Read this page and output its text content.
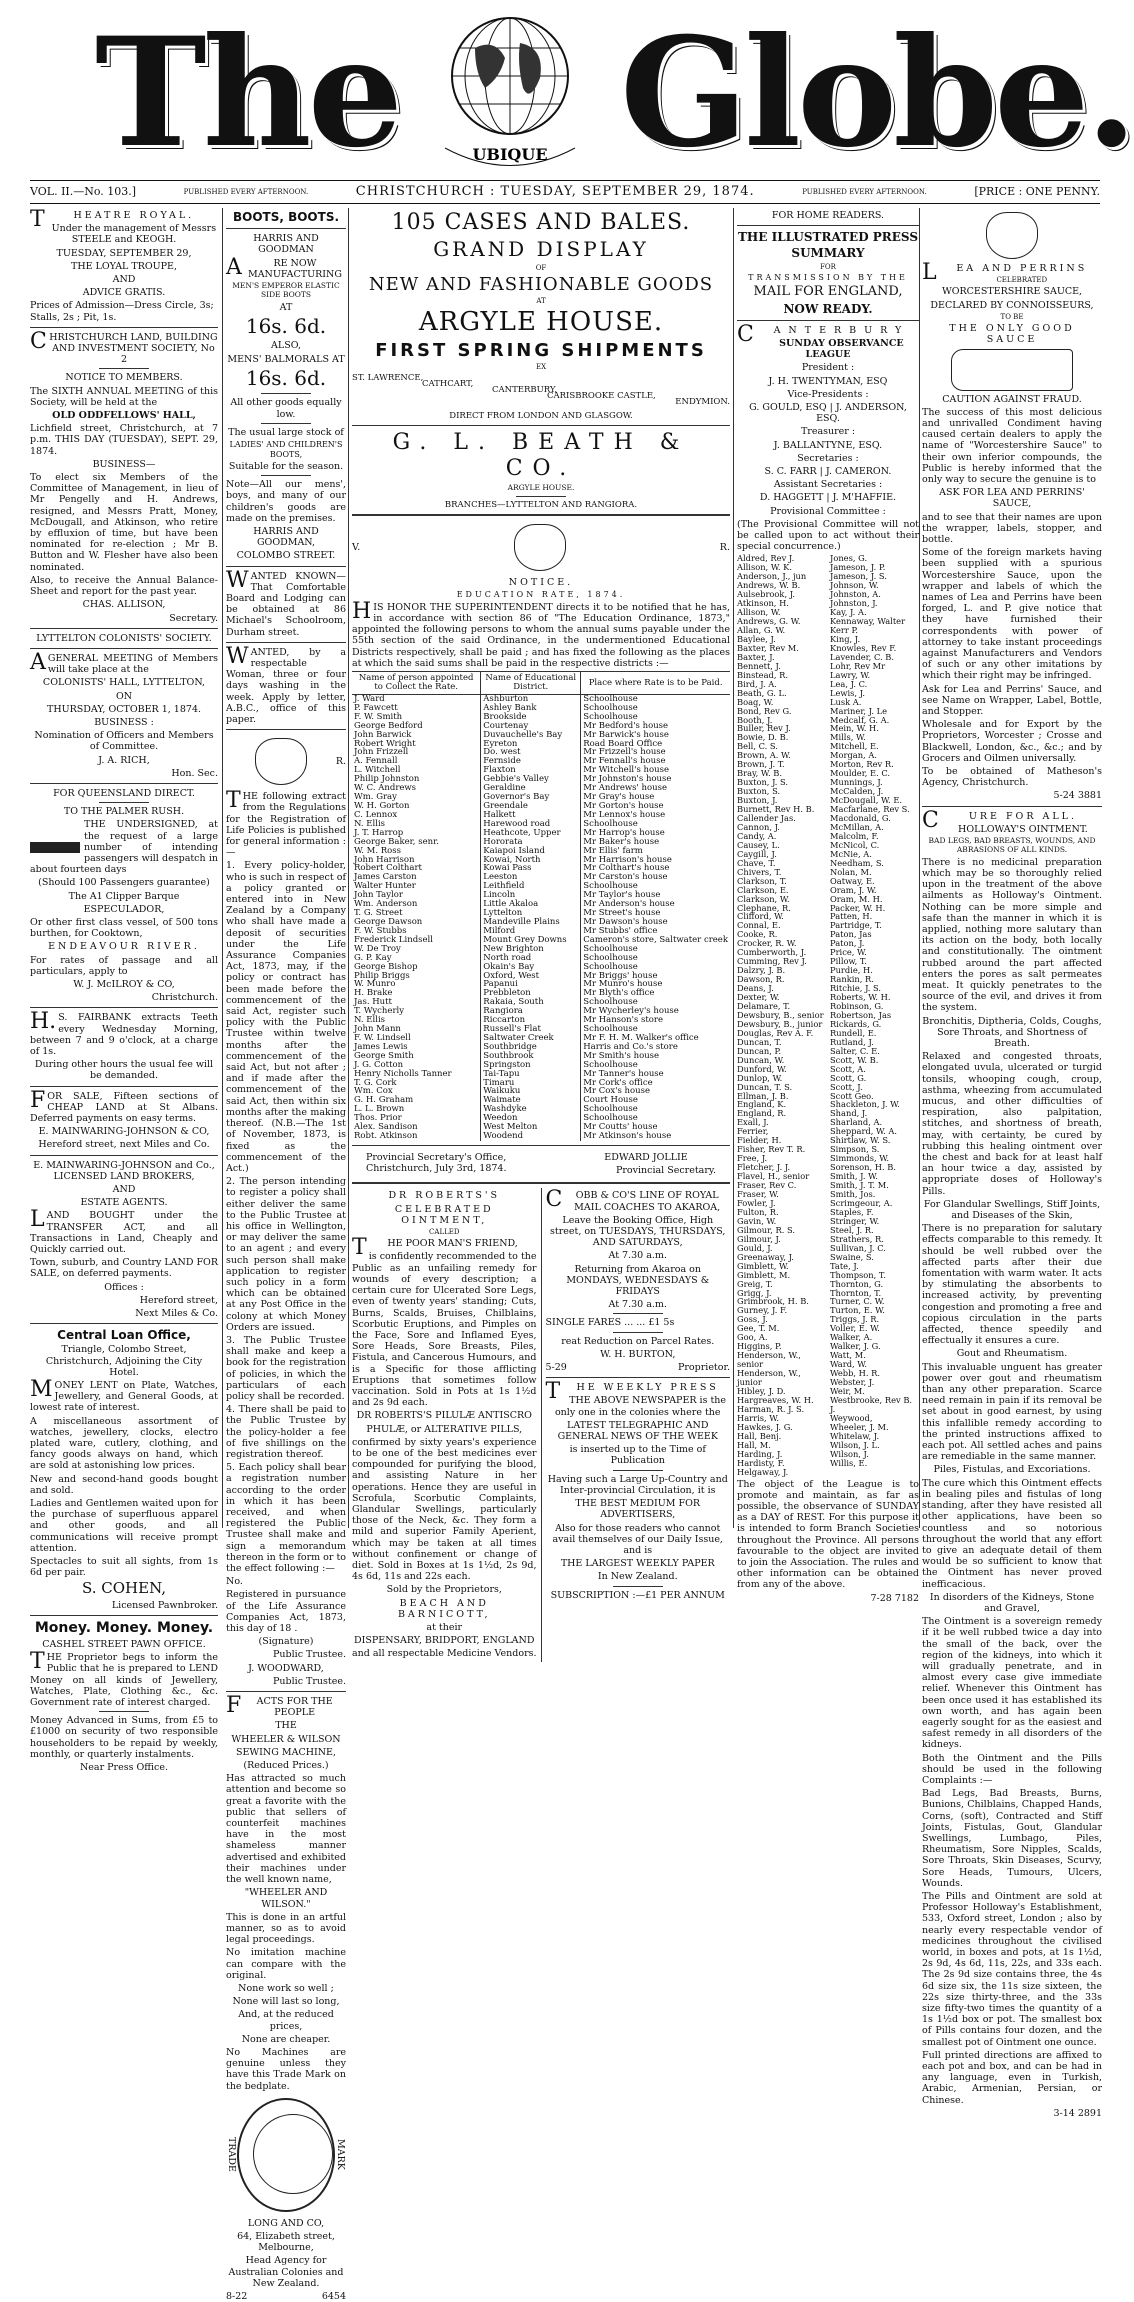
The	UBIQUE Globe.
VOL. II.—No. 103.]	PUBLISHED EVERY AFTERNOON.	CHRISTCHURCH : TUESDAY, SEPTEMBER 29, 1874.	PUBLISHED EVERY AFTERNOON.	[PRICE : ONE PENNY.

THEATRE ROYAL.

Under the management of Messrs STEELE and KEOGH.

TUESDAY, SEPTEMBER 29,

THE LOYAL TROUPE,

AND

ADVICE GRATIS.

Prices of Admission—Dress Circle, 3s; Stalls, 2s ; Pit, 1s.

CHRISTCHURCH LAND, BUILDING AND INVESTMENT SOCIETY, No 2

NOTICE TO MEMBERS.

The SIXTH ANNUAL MEETING of this Society, will be held at the

OLD ODDFELLOWS' HALL,

Lichfield street, Christchurch, at 7 p.m. THIS DAY (TUESDAY), SEPT. 29, 1874.

BUSINESS—

To elect six Members of the Committee of Management, in lieu of Mr Pengelly and H. Andrews, resigned, and Messrs Pratt, Money, McDougall, and Atkinson, who retire by effluxion of time, but have been nominated for re-election ; Mr B. Button and W. Flesher have also been nominated.

Also, to receive the Annual Balance-Sheet and report for the past year.

CHAS. ALLISON,

Secretary.

LYTTELTON COLONISTS' SOCIETY.

AGENERAL MEETING of Members will take place at the

COLONISTS' HALL, LYTTELTON,

ON

THURSDAY, OCTOBER 1, 1874.

BUSINESS :

Nomination of Officers and Members of Committee.

J. A. RICH,

Hon. Sec.

FOR QUEENSLAND DIRECT.

TO THE PALMER RUSH.

THE UNDERSIGNED, at the request of a large number of intending passengers will despatch in about fourteen days

(Should 100 Passengers guarantee)

The A1 Clipper Barque

ESPECULADOR,

Or other first class vessel, of 500 tons burthen, for Cooktown,

ENDEAVOUR RIVER.

For rates of passage and all particulars, apply to

W. J. McILROY & CO,

Christchurch.

H.S. FAIRBANK extracts Teeth every Wednesday Morning, between 7 and 9 o'clock, at a charge of 1s.

During other hours the usual fee will be demanded.

FOR SALE, Fifteen sections of CHEAP LAND at St Albans. Deferred payments on easy terms.

E. MAINWARING-JOHNSON & CO,

Hereford street, next Miles and Co.

E. MAINWARING-JOHNSON and Co., LICENSED LAND BROKERS,

AND

ESTATE AGENTS.

LAND BOUGHT under the TRANSFER ACT, and all Transactions in Land, Cheaply and Quickly carried out.

Town, suburb, and Country LAND FOR SALE, on deferred payments.

Offices :

Hereford street,

Next Miles & Co.

Central Loan Office,

Triangle, Colombo Street, Christchurch, Adjoining the City Hotel.

MONEY LENT on Plate, Watches, Jewellery, and General Goods, at lowest rate of interest.

A miscellaneous assortment of watches, jewellery, clocks, electro plated ware, cutlery, clothing, and fancy goods always on hand, which are sold at astonishing low prices.

New and second-hand goods bought and sold.

Ladies and Gentlemen waited upon for the purchase of superfluous apparel and other goods, and all communications will receive prompt attention.

Spectacles to suit all sights, from 1s 6d per pair.

S. COHEN,

Licensed Pawnbroker.

Money. Money. Money.

CASHEL STREET PAWN OFFICE.

THE Proprietor begs to inform the Public that he is prepared to LEND Money on all kinds of Jewellery, Watches, Plate, Clothing &c., &c. Government rate of interest charged.

Money Advanced in Sums, from £5 to £1000 on security of two responsible householders to be repaid by weekly, monthly, or quarterly instalments.

Near Press Office.

BOOTS, BOOTS.

HARRIS AND GOODMAN

ARE NOW MANUFACTURING

MEN'S EMPEROR ELASTIC SIDE BOOTS

AT

16s. 6d.

ALSO,

MENS' BALMORALS AT

16s. 6d.

All other goods equally low.

The usual large stock of

LADIES' AND CHILDREN'S BOOTS,

Suitable for the season.

Note—All our mens', boys, and many of our children's goods are made on the premises.

HARRIS AND GOODMAN,

COLOMBO STREET.

WANTED KNOWN—That Comfortable Board and Lodging can be obtained at 86 Michael's Schoolroom, Durham street.

WANTED, by a respectable Woman, three or four days washing in the week. Apply by letter, A.B.C., office of this paper.

R.

THE following extract from the Regulations for the Registration of Life Policies is published for general information :—

1. Every policy-holder, who is such in respect of a policy granted or entered into in New Zealand by a Company who shall have made a deposit of securities under the Life Assurance Companies Act, 1873, may, if the policy or contract has been made before the commencement of the said Act, register such policy with the Public Trustee within twelve months after the commencement of the said Act, but not after ; and if made after the commencement of the said Act, then within six months after the making thereof. (N.B.—The 1st of November, 1873, is fixed as the commencement of the Act.)

2. The person intending to register a policy shall either deliver the same to the Public Trustee at his office in Wellington, or may deliver the same to an agent ; and every such person shall make application to register such policy in a form which can be obtained at any Post Office in the colony at which Money Orders are issued.

3. The Public Trustee shall make and keep a book for the registration of policies, in which the particulars of each policy shall be recorded.

4. There shall be paid to the Public Trustee by the policy-holder a fee of five shillings on the registration thereof.

5. Each policy shall bear a registration number according to the order in which it has been received, and when registered the Public Trustee shall make and sign a memorandum thereon in the form or to the effect following :—

No.

Registered in pursuance of the Life Assurance Companies Act, 1873, this day of 18 .

(Signature)

Public Trustee.

J. WOODWARD,

Public Trustee.

FACTS FOR THE PEOPLE

THE

WHEELER & WILSON

SEWING MACHINE,

(Reduced Prices.)

Has attracted so much attention and become so great a favorite with the public that sellers of counterfeit machines have in the most shameless manner advertised and exhibited their machines under the well known name,

"WHEELER AND WILSON."

This is done in an artful manner, so as to avoid legal proceedings.

No imitation machine can compare with the original.

None work so well ;

None will last so long,

And, at the reduced prices,

None are cheaper.

No Machines are genuine unless they have this Trade Mark on the bedplate.

TRADE	MARK

LONG AND CO,

64, Elizabeth street, Melbourne,

Head Agency for Australian Colonies and New Zealand.

8-22	6454

105 CASES AND BALES.

GRAND DISPLAY

OF

NEW AND FASHIONABLE GOODS

AT

ARGYLE HOUSE.

FIRST SPRING SHIPMENTS

EX

ST. LAWRENCE,
CATHCART,
CANTERBURY,
CARISBROOKE CASTLE,
ENDYMION.

DIRECT FROM LONDON AND GLASGOW.

G. L. BEATH & CO.

ARGYLE HOUSE.

BRANCHES—LYTTELTON AND RANGIORA.

V.	R.

NOTICE.

EDUCATION RATE, 1874.

HIS HONOR THE SUPERINTENDENT directs it to be notified that he has, in accordance with section 86 of "The Education Ordinance, 1873," appointed the following persons to whom the annual sums payable under the 55th section of the said Ordinance, in the undermentioned Educational Districts respectively, shall be paid ; and has fixed the following as the places at which the said sums shall be paid in the respective districts :—

Name of person appointed to Collect the Rate.	Name of Educational District.	Place where Rate is to be Paid.
J. Ward	Ashburton	Schoolhouse
P. Fawcett	Ashley Bank	Schoolhouse
F. W. Smith	Brookside	Schoolhouse
George Bedford	Courtenay	Mr Bedford's house
John Barwick	Duvauchelle's Bay	Mr Barwick's house
Robert Wright	Eyreton	Road Board Office
John Frizzell	Do. west	Mr Frizzell's house
A. Fennall	Fernside	Mr Fennall's house
L. Witchell	Flaxton	Mr Witchell's house
Philip Johnston	Gebbie's Valley	Mr Johnston's house
W. C. Andrews	Geraldine	Mr Andrews' house
Wm. Gray	Governor's Bay	Mr Gray's house
W. H. Gorton	Greendale	Mr Gorton's house
C. Lennox	Halkett	Mr Lennox's house
N. Ellis	Harewood road	Schoolhouse
J. T. Harrop	Heathcote, Upper	Mr Harrop's house
George Baker, senr.	Hororata	Mr Baker's house
W. M. Ross	Kaiapoi Island	Mr Ellis' farm
John Harrison	Kowai, North	Mr Harrison's house
Robert Colthart	Kowai Pass	Mr Colthart's house
James Carston	Leeston	Mr Carston's house
Walter Hunter	Leithfield	Schoolhouse
John Taylor	Lincoln	Mr Taylor's house
Wm. Anderson	Little Akaloa	Mr Anderson's house
T. G. Street	Lyttelton	Mr Street's house
George Dawson	Mandeville Plains	Mr Dawson's house
F. W. Stubbs	Milford	Mr Stubbs' office
Frederick Lindsell	Mount Grey Downs	Cameron's store, Saltwater creek
W. De Troy	New Brighton	Schoolhouse
G. P. Kay	North road	Schoolhouse
George Bishop	Okain's Bay	Schoolhouse
Philip Briggs	Oxford, West	Mr Briggs' house
W. Munro	Papanui	Mr Munro's house
H. Brake	Prebbleton	Mr Blyth's office
Jas. Hutt	Rakaia, South	Schoolhouse
T. Wycherly	Rangiora	Mr Wycherley's house
N. Ellis	Riccarton	Mr Hanson's store
John Mann	Russell's Flat	Schoolhouse
F. W. Lindsell	Saltwater Creek	Mr F. H. M. Walker's office
James Lewis	Southbridge	Harris and Co.'s store
George Smith	Southbrook	Mr Smith's house
J. G. Cotton	Springston	Schoolhouse
Henry Nicholls Tanner	Tai-Tapu	Mr Tanner's house
T. G. Cork	Timaru	Mr Cork's office
Wm. Cox	Waikuku	Mr Cox's house
G. H. Graham	Waimate	Court House
L. L. Brown	Washdyke	Schoolhouse
Thos. Prior	Weedon	Schoolhouse
Alex. Sandison	West Melton	Mr Coutts' house
Robt. Atkinson	Woodend	Mr Atkinson's house

Provincial Secretary's Office, Christchurch, July 3rd, 1874.

EDWARD JOLLIE

Provincial Secretary.

DR ROBERTS'S

CELEBRATED OINTMENT,

CALLED

THE POOR MAN'S FRIEND,

is confidently recommended to the Public as an unfailing remedy for wounds of every description; a certain cure for Ulcerated Sore Legs, even of twenty years' standing; Cuts, Burns, Scalds, Bruises, Chilblains, Scorbutic Eruptions, and Pimples on the Face, Sore and Inflamed Eyes, Sore Heads, Sore Breasts, Piles, Fistula, and Cancerous Humours, and is a Specific for those afflicting Eruptions that sometimes follow vaccination. Sold in Pots at 1s 1½d and 2s 9d each.

DR ROBERTS'S PILULÆ ANTISCRO

PHULÆ, or ALTERATIVE PILLS,

confirmed by sixty years's experience to be one of the best medicines ever compounded for purifying the blood, and assisting Nature in her operations. Hence they are useful in Scrofula, Scorbutic Complaints, Glandular Swellings, particularly those of the Neck, &c. They form a mild and superior Family Aperient, which may be taken at all times without confinement or change of diet. Sold in Boxes at 1s 1½d, 2s 9d, 4s 6d, 11s and 22s each.

Sold by the Proprietors,

BEACH AND BARNICOTT,

at their

DISPENSARY, BRIDPORT, ENGLAND

and all respectable Medicine Vendors.

COBB & CO'S LINE OF ROYAL MAIL COACHES TO AKAROA,

Leave the Booking Office, High street, on TUESDAYS, THURSDAYS, AND SATURDAYS,

At 7.30 a.m.

Returning from Akaroa on MONDAYS, WEDNESDAYS & FRIDAYS

At 7.30 a.m.

SINGLE FARES ... ... £1 5s

reat Reduction on Parcel Rates.

W. H. BURTON,

5-29	Proprietor.

THE WEEKLY PRESS

THE ABOVE NEWSPAPER is the only one in the colonies where the

LATEST TELEGRAPHIC AND GENERAL NEWS OF THE WEEK

is inserted up to the Time of Publication

Having such a Large Up-Country and Inter-provincial Circulation, it is

THE BEST MEDIUM FOR ADVERTISERS,

Also for those readers who cannot avail themselves of our Daily Issue, and is

THE LARGEST WEEKLY PAPER

In New Zealand.

SUBSCRIPTION :—£1 PER ANNUM

FOR HOME READERS.

THE ILLUSTRATED PRESS

SUMMARY

FOR

TRANSMISSION BY THE

MAIL FOR ENGLAND,

NOW READY.

CANTERBURY

SUNDAY OBSERVANCE LEAGUE

President :

J. H. TWENTYMAN, ESQ

Vice-Presidents :

G. GOULD, ESQ | J. ANDERSON, ESQ.

Treasurer :

J. BALLANTYNE, ESQ.

Secretaries :

S. C. FARR | J. CAMERON.

Assistant Secretaries :

D. HAGGETT | J. M'HAFFIE.

Provisional Committee :

(The Provisional Committee will not be called upon to act without their special concurrence.)

Aldred, Rev J.
Allison, W. K.
Anderson, J., jun
Andrews, W. B.
Aulsebrook, J.
Atkinson, H.
Allison, W.
Andrews, G. W.
Allan, G. W.
Baylee, J.
Baxter, Rev M.
Baxter, J.
Bennett, J.
Binstead, R.
Bird, J. A.
Beath, G. L.
Boag, W.
Bond, Rev G.
Booth, J.
Buller, Rev J.
Bowie, D. B.
Bell, C. S.
Brown, A. W.
Brown, J. T.
Bray, W. B.
Buxton, J. S.
Buxton, S.
Buxton, J.
Burnett, Rev H. B.
Callender Jas.
Cannon, J.
Candy, A.
Causey, L.
Caygill, J.
Chave, T.
Chivers, T.
Clarkson, T.
Clarkson, E.
Clarkson, W.
Clephane, R.
Clifford, W.
Connal, E.
Cooke, R.
Crocker, R. W.
Cumberworth, J.
Cumming, Rev J.
Dalzry, J. B.
Dawson, R.
Deans, J.
Dexter, W.
Delamare, T.
Dewsbury, B., senior
Dewsbury, B., junior
Douglas, Rev A. F.
Duncan, T.
Duncan, P.
Duncan, W.
Dunford, W.
Dunlop, W.
Duncan, T. S.
Ellman, J. B.
England, K.
England, R.
Exall, J.
Ferrier,
Fielder, H.
Fisher, Rev T. R.
Free, J.
Fletcher, J. J.
Flavel, H., senior
Fraser, Rev C.
Fraser, W.
Fowler, J.
Fulton, R.
Gavin, W.
Gilmour, R. S.
Gilmour, J.
Gould, J.
Greenaway, J.
Gimblett, W.
Gimblett, M.
Greig, T.
Grigg, J.
Grimbrook, H. B.
Gurney, J. F.
Goss, J.
Gee, T. M.
Goo, A.
Higgins, P.
Henderson, W., senior
Henderson, W., junior
Hibley, J. D.
Hargreaves, W. H.
Harman, R. J. S.
Harris, W.
Hawkes, J. G.
Hall, Benj.
Hall, M.
Harding, J.
Hardisty, F.
Helgaway, J.
Jones, G.
Jameson, J. P.
Jameson, J. S.
Johnson, W.
Johnston, A.
Johnston, J.
Kay, J. A.
Kennaway, Walter
Kerr P.
King, J.
Knowles, Rev F.
Lavender, C. B.
Lohr, Rev Mr
Lawry, W.
Lea, J. C.
Lewis, J.
Lusk A.
Mariner, J. Le
Medcalf, G. A.
Mein, W. H.
Mills, W.
Mitchell, E.
Morgan, A.
Morton, Rev R.
Moulder, E. C.
Munnings, J.
McCalden, J.
McDougall, W. E.
Macfarlane, Rev S.
Macdonald, G.
McMillan, A.
Malcolm, F.
McNicol, C.
McNie, A.
Needham, S.
Nolan, M.
Oatway, E.
Oram, J. W.
Oram, M. H.
Packer, W. H.
Patten, H.
Partridge, T.
Paton, Jas
Paton, J.
Price, W.
Pillow, T.
Purdie, H.
Rankin, R.
Ritchie, J. S.
Roberts, W. H.
Robinson, G.
Robertson, Jas
Rickards, G.
Rundell, E.
Rutland, J.
Salter, C. E.
Scott, W. B.
Scott, A.
Scott, G.
Scott, J.
Scott Geo.
Shackleton, J. W.
Shand, J.
Sharland, A.
Sheppard, W. A.
Shirtlaw, W. S.
Simpson, S.
Simmonds, W.
Sorenson, H. B.
Smith, J. W.
Smith, J. T. M.
Smith, Jos.
Scrimgeour, A.
Staples, F.
Stringer, W.
Steel, J. R.
Strathers, R.
Sullivan, J. C.
Swaine, S.
Tate, J.
Thompson, T.
Thornton, G.
Thornton, T.
Turner, C. W.
Turton, E. W.
Triggs, J. R.
Voller, E. W.
Walker, A.
Walker, J. G.
Watt, M.
Ward, W.
Webb, H. R.
Webster, J.
Weir, M.
Westbrooke, Rev B. J.
Weywood,
Wheeler, J. M.
Whitelaw, J.
Wilson, J. L.
Wilson, J.
Willis, E.

The object of the League is to promote and maintain, as far as possible, the observance of SUNDAY as a DAY of REST. For this purpose it is intended to form Branch Societies throughout the Province. All persons favourable to the object are invited to join the Association. The rules and other information can be obtained from any of the above.

7-28 7182

LEA AND PERRINS

CELEBRATED

WORCESTERSHIRE SAUCE,

DECLARED BY CONNOISSEURS,

TO BE

THE ONLY GOOD SAUCE

CAUTION AGAINST FRAUD.

The success of this most delicious and unrivalled Condiment having caused certain dealers to apply the name of "Worcestershire Sauce" to their own inferior compounds, the Public is hereby informed that the only way to secure the genuine is to

ASK FOR LEA AND PERRINS' SAUCE,

and to see that their names are upon the wrapper, labels, stopper, and bottle.

Some of the foreign markets having been supplied with a spurious Worcestershire Sauce, upon the wrapper and labels of which the names of Lea and Perrins have been forged, L. and P. give notice that they have furnished their correspondents with power of attorney to take instant proceedings against Manufacturers and Vendors of such or any other imitations by which their right may be infringed.

Ask for Lea and Perrins' Sauce, and see Name on Wrapper, Label, Bottle, and Stopper.

Wholesale and for Export by the Proprietors, Worcester ; Crosse and Blackwell, London, &c., &c.; and by Grocers and Oilmen universally.

To be obtained of Matheson's Agency, Christchurch.

5-24 3881

CURE FOR ALL.

HOLLOWAY'S OINTMENT.

BAD LEGS, BAD BREASTS, WOUNDS, AND ABRASIONS OF ALL KINDS.

There is no medicinal preparation which may be so thoroughly relied upon in the treatment of the above ailments as Holloway's Ointment. Nothing can be more simple and safe than the manner in which it is applied, nothing more salutary than its action on the body, both locally and constitutionally. The ointment rubbed around the part affected enters the pores as salt permeates meat. It quickly penetrates to the source of the evil, and drives it from the system.

Bronchitis, Diptheria, Colds, Coughs, Sore Throats, and Shortness of Breath.

Relaxed and congested throats, elongated uvula, ulcerated or turgid tonsils, whooping cough, croup, asthma, wheezing from accumulated mucus, and other difficulties of respiration, also palpitation, stitches, and shortness of breath, may, with certainty, be cured by rubbing this healing ointment over the chest and back for at least half an hour twice a day, assisted by appropriate doses of Holloway's Pills.

For Glandular Swellings, Stiff Joints, and Diseases of the Skin,

There is no preparation for salutary effects comparable to this remedy. It should be well rubbed over the affected parts after their due fomentation with warm water. It acts by stimulating the absorbents to increased activity, by preventing congestion and promoting a free and copious circulation in the parts affected, thence speedily and effectually it ensures a cure.

Gout and Rheumatism.

This invaluable unguent has greater power over gout and rheumatism than any other preparation. Scarce need remain in pain if its removal be set about in good earnest, by using this infallible remedy according to the printed instructions affixed to each pot. All settled aches and pains are remediable in the same manner.

Piles, Fistulas, and Excoriations.

The cure which this Ointment effects in bealing piles and fistulas of long standing, after they have resisted all other applications, have been so countless and so notorious throughout the world that any effort to give an adequate detail of them would be so sufficient to know that the Ointment has never proved inefficacious.

In disorders of the Kidneys, Stone and Gravel,

The Ointment is a sovereign remedy if it be well rubbed twice a day into the small of the back, over the region of the kidneys, into which it will gradually penetrate, and in almost every case give immediate relief. Whenever this Ointment has been once used it has established its own worth, and has again been eagerly sought for as the easiest and safest remedy in all disorders of the kidneys.

Both the Ointment and the Pills should be used in the following Complaints :—

Bad Legs, Bad Breasts, Burns, Bunions, Chilblains, Chapped Hands, Corns, (soft), Contracted and Stiff Joints, Fistulas, Gout, Glandular Swellings, Lumbago, Piles, Rheumatism, Sore Nipples, Scalds, Sore Throats, Skin Diseases, Scurvy, Sore Heads, Tumours, Ulcers, Wounds.

The Pills and Ointment are sold at Professor Holloway's Establishment, 533, Oxford street, London ; also by nearly every respectable vendor of medicines throughout the civilised world, in boxes and pots, at 1s 1½d, 2s 9d, 4s 6d, 11s, 22s, and 33s each. The 2s 9d size contains three, the 4s 6d size six, the 11s size sixteen, the 22s size thirty-three, and the 33s size fifty-two times the quantity of a 1s 1½d box or pot. The smallest box of Pills contains four dozen, and the smallest pot of Ointment one ounce.

Full printed directions are affixed to each pot and box, and can be had in any language, even in Turkish, Arabic, Armenian, Persian, or Chinese.

3-14 2891
